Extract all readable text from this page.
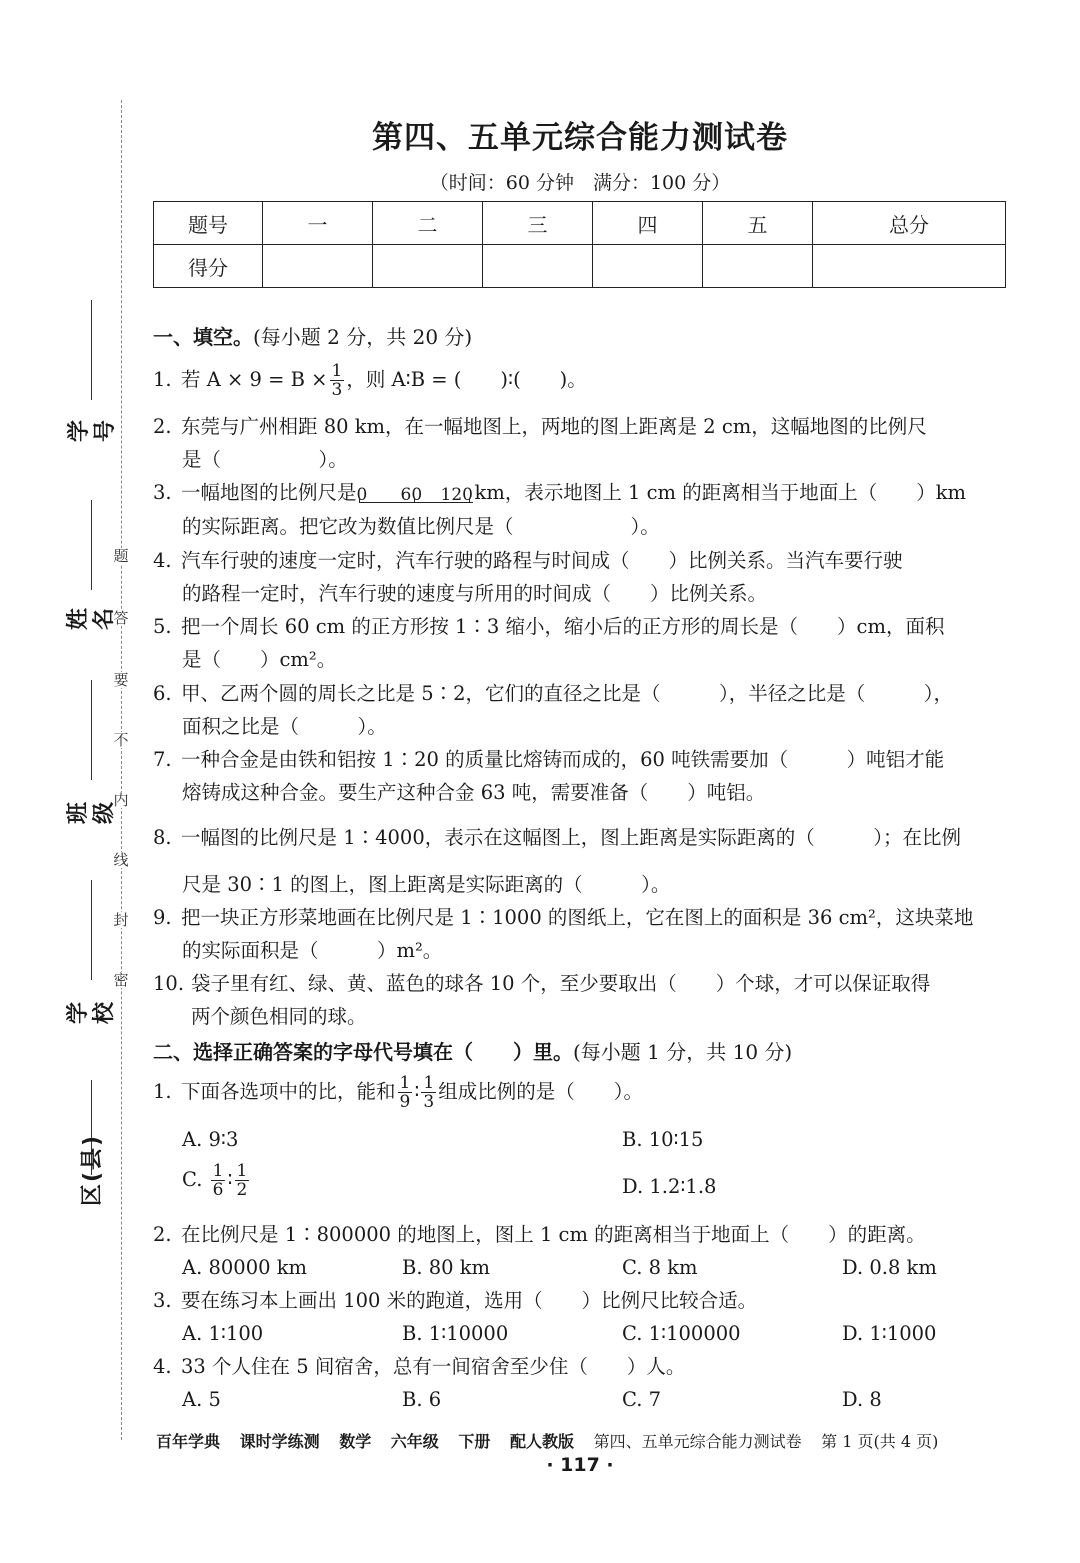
题
答
要
不
内
线
封
密
学号
姓名
班级
学校
区(县)
第四、五单元综合能力测试卷
（时间：60 分钟　满分：100 分）
题号	一	二	三	四	五	总分
得分						
一、填空。(每小题 2 分，共 20 分)
1. 若 $A \times 9 = B \times \frac{1}{3}$ ，则 A∶B = (　　)∶(　　)。
2. 东莞与广州相距 80 km，在一幅地图上，两地的图上距离是 2 cm，这幅地图的比例尺
是（　　　　　）。
3. 一幅地图的比例尺是 0 60 120 km，表示地图上 1 cm 的距离相当于地面上（　　）km
的实际距离。把它改为数值比例尺是（　　　　　　）。
4. 汽车行驶的速度一定时，汽车行驶的路程与时间成（　　）比例关系。当汽车要行驶
的路程一定时，汽车行驶的速度与所用的时间成（　　）比例关系。
5. 把一个周长 60 cm 的正方形按 1∶3 缩小，缩小后的正方形的周长是（　　）cm，面积
是（　　）cm²。
6. 甲、乙两个圆的周长之比是 5∶2，它们的直径之比是（　　　），半径之比是（　　　），
面积之比是（　　　）。
7. 一种合金是由铁和铝按 1∶20 的质量比熔铸而成的，60 吨铁需要加（　　　）吨铝才能
熔铸成这种合金。要生产这种合金 63 吨，需要准备（　　）吨铝。
8. 一幅图的比例尺是 1∶4000，表示在这幅图上，图上距离是实际距离的（　　　）；在比例
尺是 30∶1 的图上，图上距离是实际距离的（　　　）。
9. 把一块正方形菜地画在比例尺是 1∶1000 的图纸上，它在图上的面积是 36 cm²，这块菜地
的实际面积是（　　　）m²。
10. 袋子里有红、绿、黄、蓝色的球各 10 个，至少要取出（　　）个球，才可以保证取得
两个颜色相同的球。
二、选择正确答案的字母代号填在（　　）里。(每小题 1 分，共 10 分)
1. 下面各选项中的比，能和 $\frac{1}{9}$ ∶ $\frac{1}{3}$ 组成比例的是（　　）。
A. 9∶3	B. 10∶15
C. $\frac{1}{6}$ ∶ $\frac{1}{2}$	D. 1.2∶1.8
2. 在比例尺是 1∶800000 的地图上，图上 1 cm 的距离相当于地面上（　　）的距离。
A. 80000 km	B. 80 km	C. 8 km	D. 0.8 km
3. 要在练习本上画出 100 米的跑道，选用（　　）比例尺比较合适。
A. 1∶100	B. 1∶10000	C. 1∶100000	D. 1∶1000
4. 33 个人住在 5 间宿舍，总有一间宿舍至少住（　　）人。
A. 5	B. 6	C. 7	D. 8
百年学典 课时学练测 数学 六年级 下册 配人教版 第四、五单元综合能力测试卷 第 1 页(共 4 页)
· 117 ·
